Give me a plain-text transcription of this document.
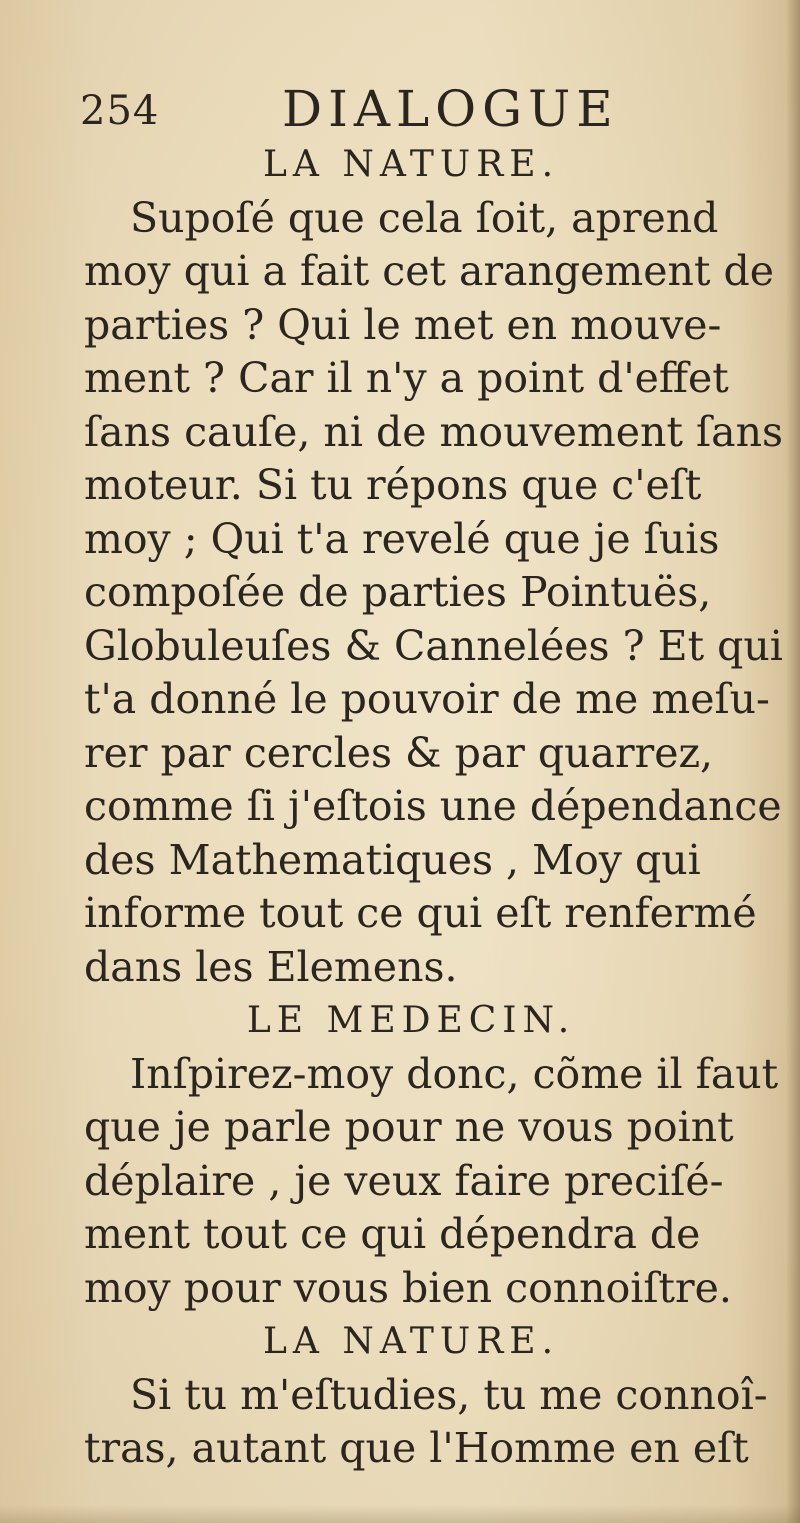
254 DIALOGUE
LA NATURE.
Supoſé que cela ſoit, aprend
moy qui a fait cet arangement de
parties ? Qui le met en mouve-
ment ? Car il n'y a point d'effet
ſans cauſe, ni de mouvement ſans
moteur. Si tu répons que c'eſt
moy ; Qui t'a revelé que je ſuis
compoſée de parties Pointuës,
Globuleuſes & Cannelées ? Et qui
t'a donné le pouvoir de me meſu-
rer par cercles & par quarrez,
comme ſi j'eſtois une dépendance
des Mathematiques , Moy qui
informe tout ce qui eſt renfermé
dans les Elemens.
LE MEDECIN.
Inſpirez-moy donc, cõme il faut
que je parle pour ne vous point
déplaire , je veux faire preciſé-
ment tout ce qui dépendra de
moy pour vous bien connoiſtre.
LA NATURE.
Si tu m'eſtudies, tu me connoî-
tras, autant que l'Homme en eſt
